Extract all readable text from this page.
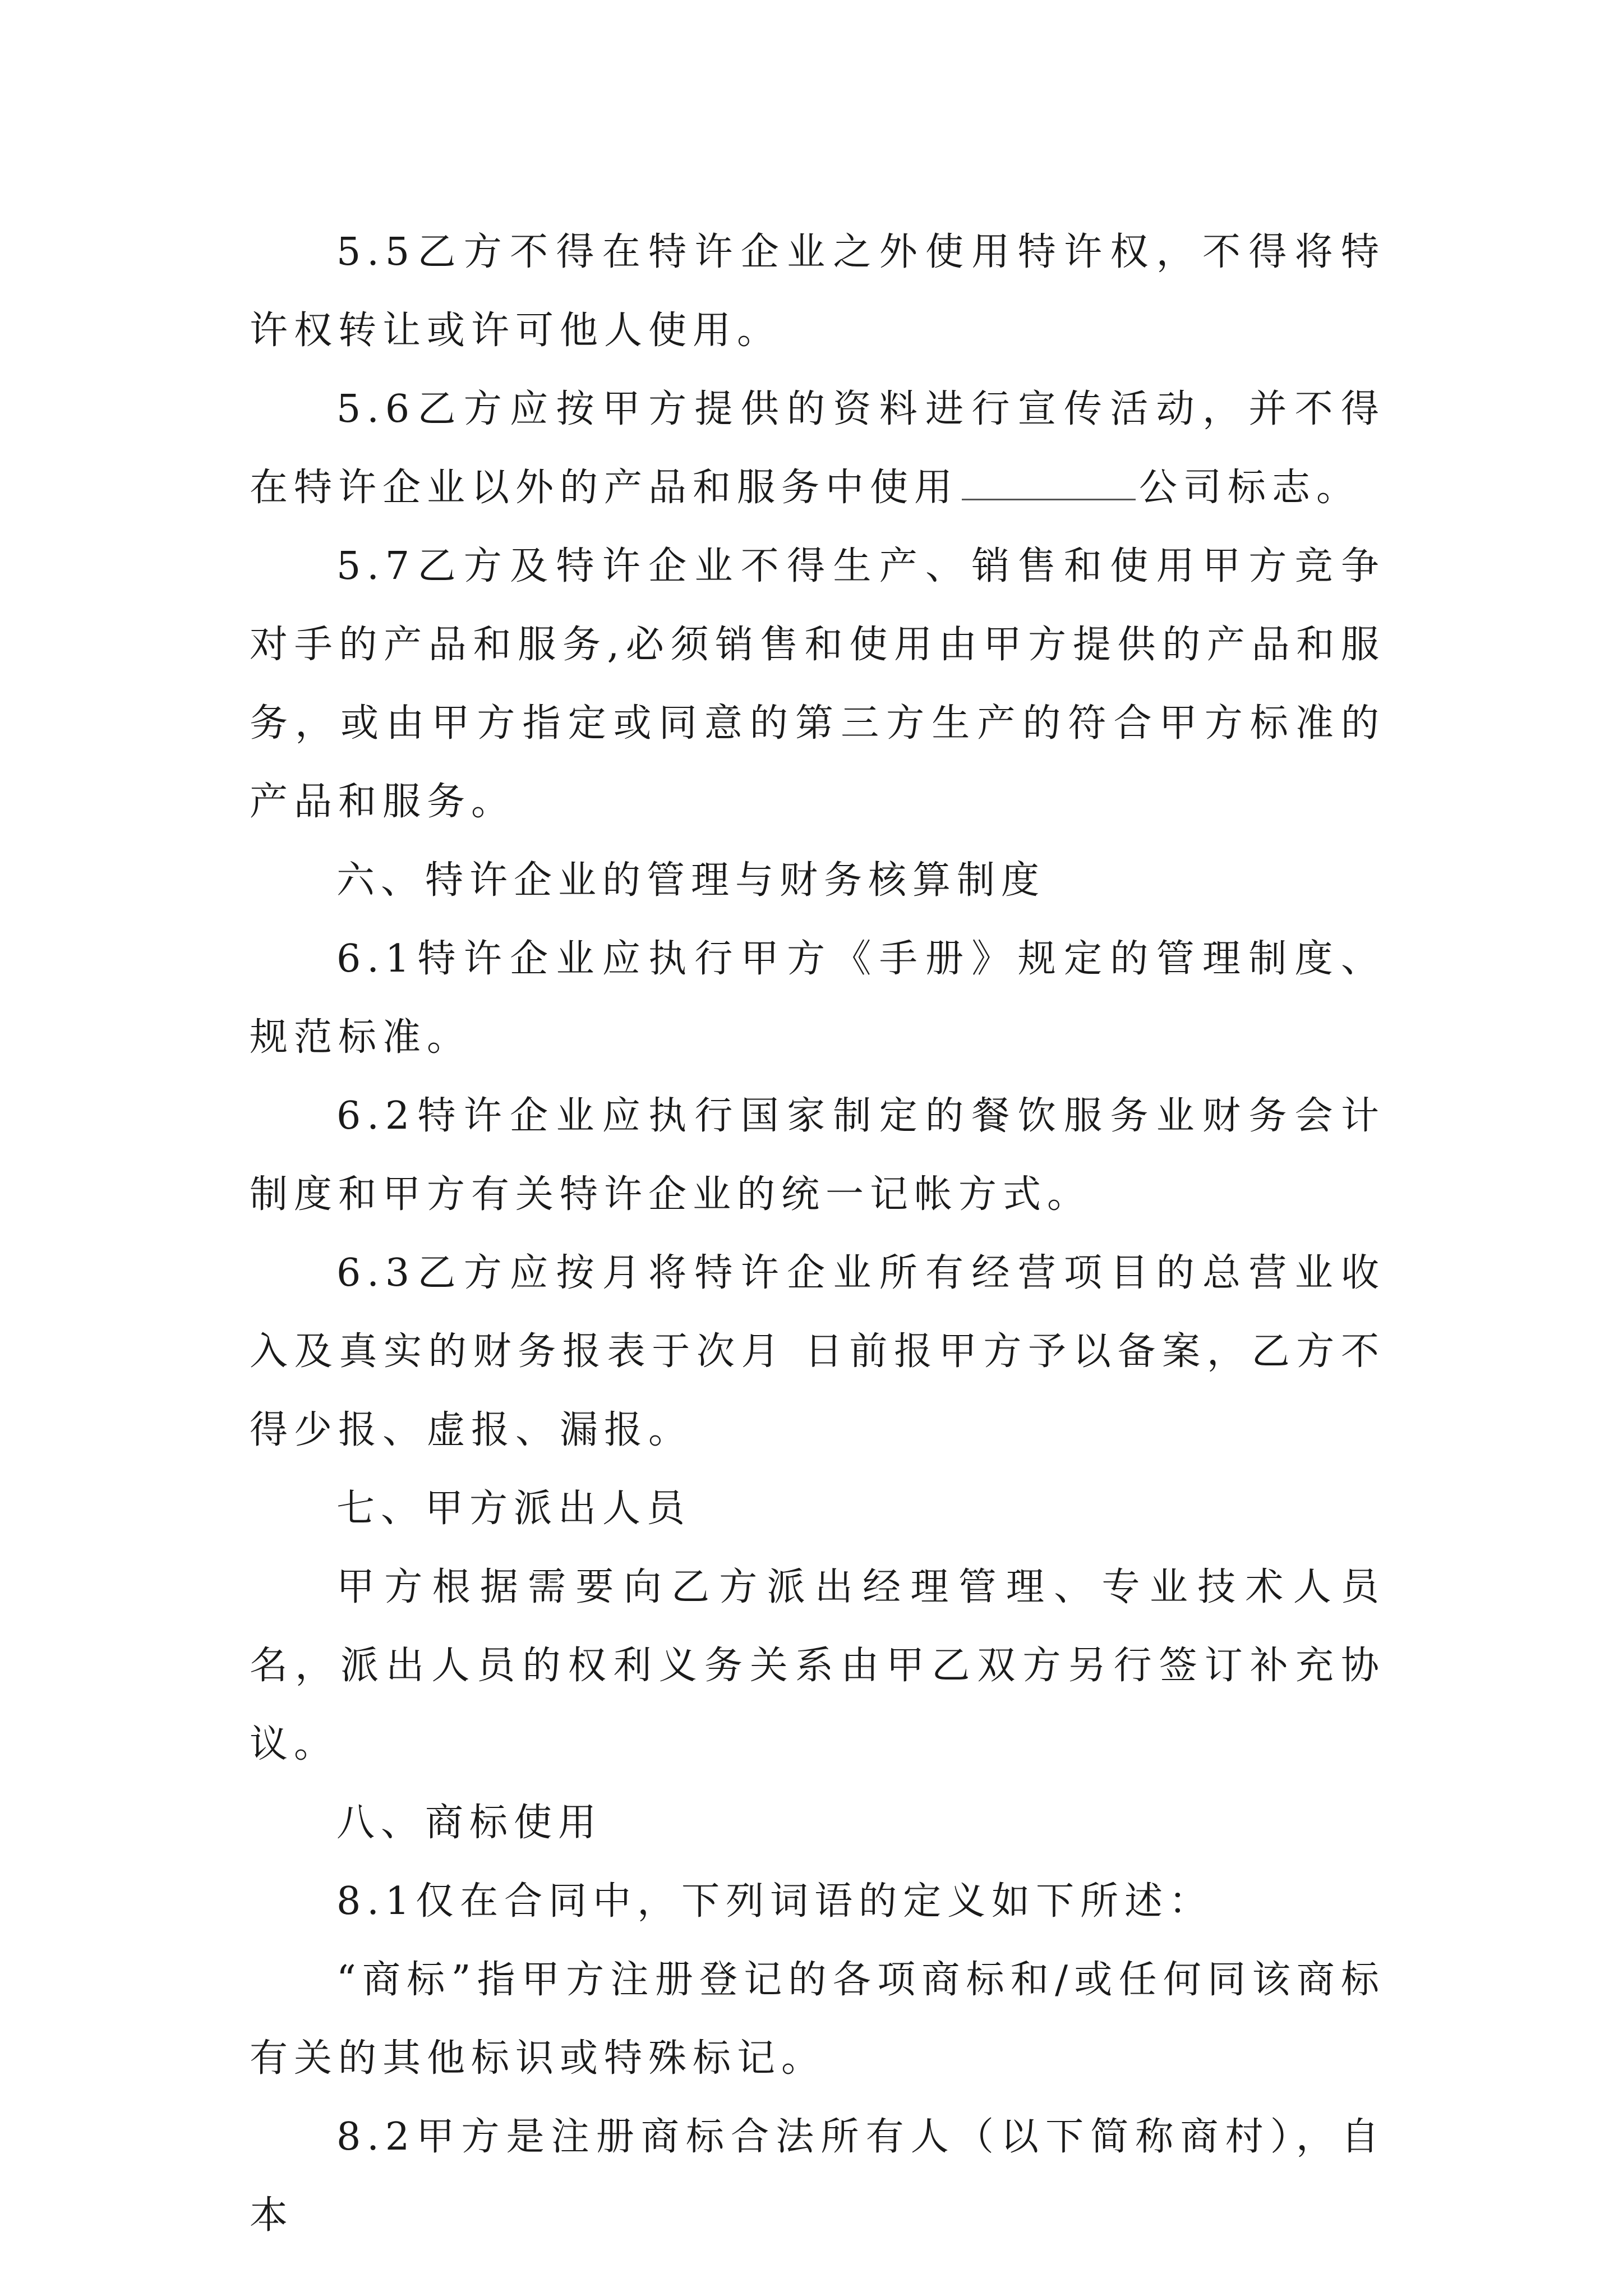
5.5乙方不得在特许企业之外使用特许权，不得将特许权转让或许可他人使用。

5.6乙方应按甲方提供的资料进行宣传活动，并不得在特许企业以外的产品和服务中使用	公司标志。

5.7乙方及特许企业不得生产、销售和使用甲方竞争对手的产品和服务,必须销售和使用由甲方提供的产品和服务，或由甲方指定或同意的第三方生产的符合甲方标准的产品和服务。

六、特许企业的管理与财务核算制度

6.1特许企业应执行甲方《手册》规定的管理制度、规范标准。

6.2特许企业应执行国家制定的餐饮服务业财务会计制度和甲方有关特许企业的统一记帐方式。

6.3乙方应按月将特许企业所有经营项目的总营业收入及真实的财务报表于次月 日前报甲方予以备案，乙方不得少报、虚报、漏报。

七、甲方派出人员

甲方根据需要向乙方派出经理管理、专业技术人员 名，派出人员的权利义务关系由甲乙双方另行签订补充协议。

八、商标使用

8.1仅在合同中，下列词语的定义如下所述：

“商标”指甲方注册登记的各项商标和/或任何同该商标有关的其他标识或特殊标记。

8.2甲方是注册商标合法所有人（以下简称商村），自本
